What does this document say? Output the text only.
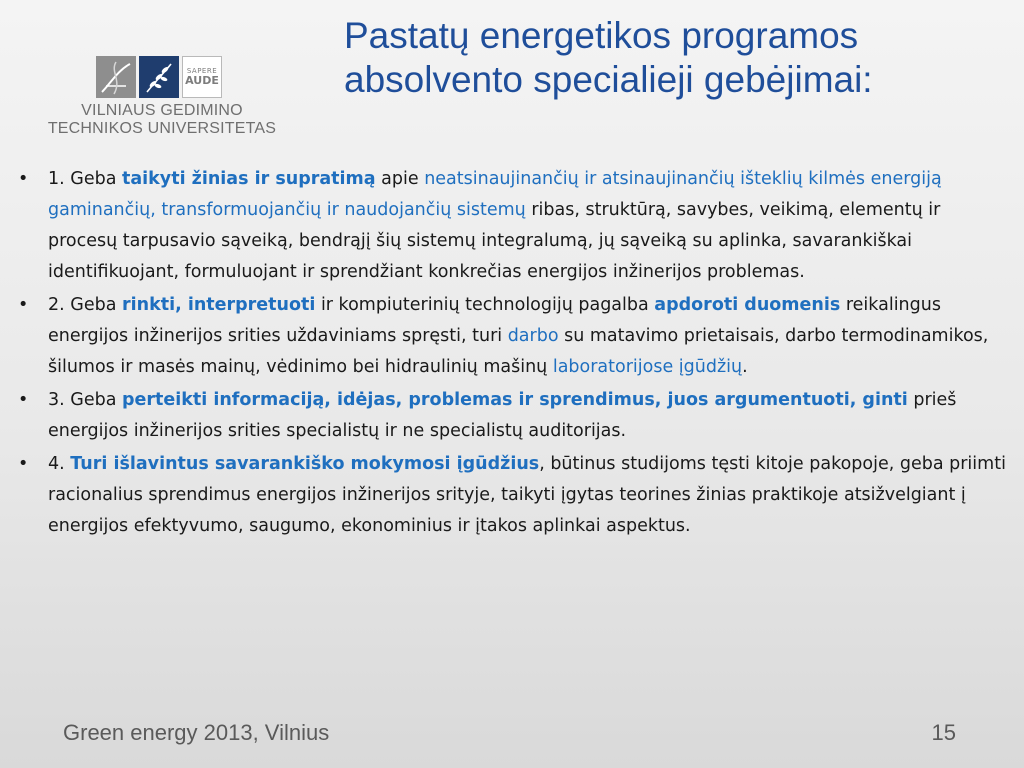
SAPERE
AUDE
VILNIAUS GEDIMINO
TECHNIKOS UNIVERSITETAS
Pastatų energetikos programos
absolvento specialieji gebėjimai:
•	1. Geba taikyti žinias ir supratimą apie neatsinaujinančių ir atsinaujinančių išteklių kilmės energiją gaminančių, transformuojančių ir naudojančių sistemų ribas, struktūrą, savybes, veikimą, elementų ir procesų tarpusavio sąveiką, bendrąjį šių sistemų integralumą, jų sąveiką su aplinka, savarankiškai identifikuojant, formuluojant ir sprendžiant konkrečias energijos inžinerijos problemas.
•	2. Geba rinkti, interpretuoti ir kompiuterinių technologijų pagalba apdoroti duomenis reikalingus energijos inžinerijos srities uždaviniams spręsti, turi darbo su matavimo prietaisais, darbo termodinamikos, šilumos ir masės mainų, vėdinimo bei hidraulinių mašinų laboratorijose įgūdžių.
•	3. Geba perteikti informaciją, idėjas, problemas ir sprendimus, juos argumentuoti, ginti prieš energijos inžinerijos srities specialistų ir ne specialistų auditorijas.
•	4. Turi išlavintus savarankiško mokymosi įgūdžius, būtinus studijoms tęsti kitoje pakopoje, geba priimti racionalius sprendimus energijos inžinerijos srityje, taikyti įgytas teorines žinias praktikoje atsižvelgiant į energijos efektyvumo, saugumo, ekonominius ir įtakos aplinkai aspektus.
Green energy 2013, Vilnius	15
